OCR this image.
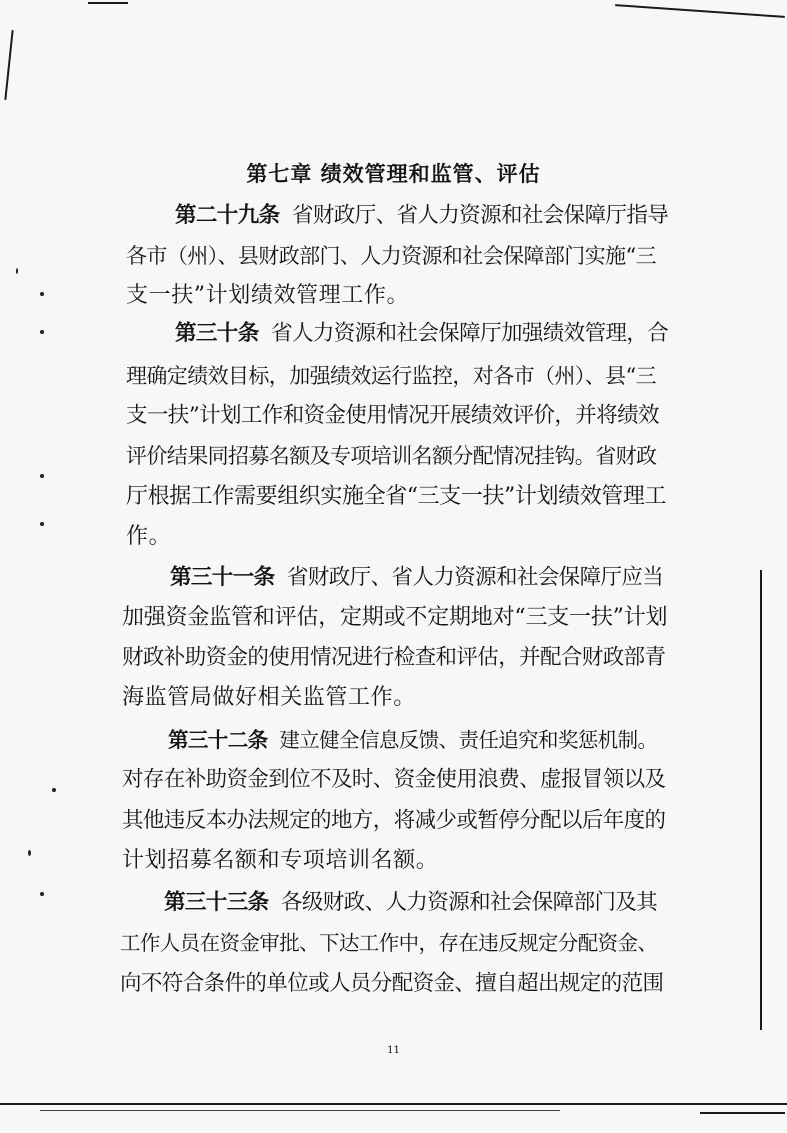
第七章 绩效管理和监管、评估
第二十九条 省财政厅、省人力资源和社会保障厅指导
各市（州）、县财政部门、人力资源和社会保障部门实施“三
支一扶”计划绩效管理工作。
第三十条 省人力资源和社会保障厅加强绩效管理，合
理确定绩效目标，加强绩效运行监控，对各市（州）、县“三
支一扶”计划工作和资金使用情况开展绩效评价，并将绩效
评价结果同招募名额及专项培训名额分配情况挂钩。省财政
厅根据工作需要组织实施全省“三支一扶”计划绩效管理工
作。
第三十一条 省财政厅、省人力资源和社会保障厅应当
加强资金监管和评估，定期或不定期地对“三支一扶”计划
财政补助资金的使用情况进行检查和评估，并配合财政部青
海监管局做好相关监管工作。
第三十二条 建立健全信息反馈、责任追究和奖惩机制。
对存在补助资金到位不及时、资金使用浪费、虚报冒领以及
其他违反本办法规定的地方，将减少或暂停分配以后年度的
计划招募名额和专项培训名额。
第三十三条 各级财政、人力资源和社会保障部门及其
工作人员在资金审批、下达工作中，存在违反规定分配资金、
向不符合条件的单位或人员分配资金、擅自超出规定的范围
11
